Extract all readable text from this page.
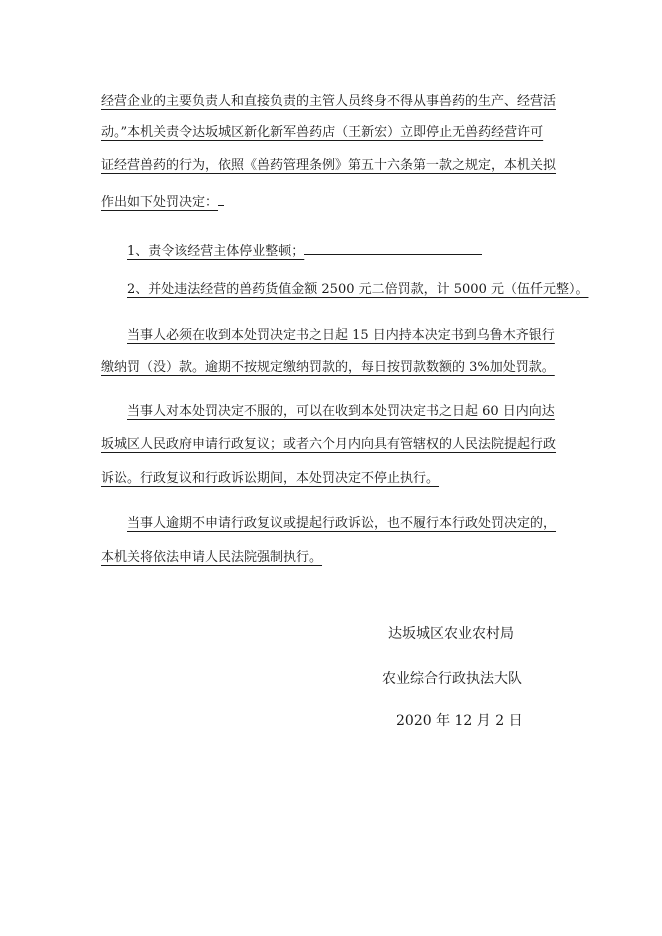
经营企业的主要负责人和直接负责的主管人员终身不得从事兽药的生产、经营活
动。”本机关责令达坂城区新化新军兽药店（王新宏）立即停止无兽药经营许可
证经营兽药的行为，依照《兽药管理条例》第五十六条第一款之规定，本机关拟
作出如下处罚决定：
1、责令该经营主体停业整顿；
2、并处违法经营的兽药货值金额 2500 元二倍罚款，计 5000 元（伍仟元整）。
当事人必须在收到本处罚决定书之日起 15 日内持本决定书到乌鲁木齐银行
缴纳罚（没）款。逾期不按规定缴纳罚款的，每日按罚款数额的 3%加处罚款。
当事人对本处罚决定不服的，可以在收到本处罚决定书之日起 60 日内向达
坂城区人民政府申请行政复议；或者六个月内向具有管辖权的人民法院提起行政
诉讼。行政复议和行政诉讼期间，本处罚决定不停止执行。
当事人逾期不申请行政复议或提起行政诉讼，也不履行本行政处罚决定的，
本机关将依法申请人民法院强制执行。
达坂城区农业农村局
农业综合行政执法大队
2020 年 12 月 2 日
